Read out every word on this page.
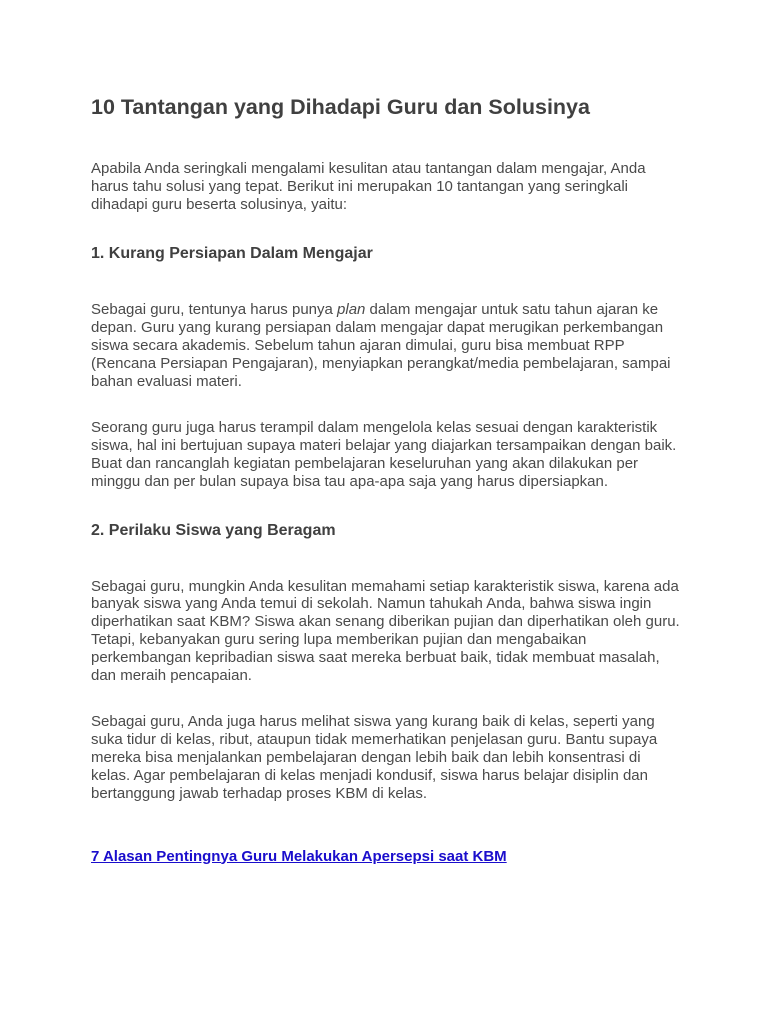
10 Tantangan yang Dihadapi Guru dan Solusinya

Apabila Anda seringkali mengalami kesulitan atau tantangan dalam mengajar, Anda harus tahu solusi yang tepat. Berikut ini merupakan 10 tantangan yang seringkali dihadapi guru beserta solusinya, yaitu:

1. Kurang Persiapan Dalam Mengajar

Sebagai guru, tentunya harus punya plan dalam mengajar untuk satu tahun ajaran ke depan. Guru yang kurang persiapan dalam mengajar dapat merugikan perkembangan siswa secara akademis. Sebelum tahun ajaran dimulai, guru bisa membuat RPP (Rencana Persiapan Pengajaran), menyiapkan perangkat/media pembelajaran, sampai bahan evaluasi materi.

Seorang guru juga harus terampil dalam mengelola kelas sesuai dengan karakteristik siswa, hal ini bertujuan supaya materi belajar yang diajarkan tersampaikan dengan baik. Buat dan rancanglah kegiatan pembelajaran keseluruhan yang akan dilakukan per minggu dan per bulan supaya bisa tau apa-apa saja yang harus dipersiapkan.

2. Perilaku Siswa yang Beragam

Sebagai guru, mungkin Anda kesulitan memahami setiap karakteristik siswa, karena ada banyak siswa yang Anda temui di sekolah. Namun tahukah Anda, bahwa siswa ingin diperhatikan saat KBM? Siswa akan senang diberikan pujian dan diperhatikan oleh guru. Tetapi, kebanyakan guru sering lupa memberikan pujian dan mengabaikan perkembangan kepribadian siswa saat mereka berbuat baik, tidak membuat masalah, dan meraih pencapaian.

Sebagai guru, Anda juga harus melihat siswa yang kurang baik di kelas, seperti yang suka tidur di kelas, ribut, ataupun tidak memerhatikan penjelasan guru. Bantu supaya mereka bisa menjalankan pembelajaran dengan lebih baik dan lebih konsentrasi di kelas. Agar pembelajaran di kelas menjadi kondusif, siswa harus belajar disiplin dan bertanggung jawab terhadap proses KBM di kelas.

7 Alasan Pentingnya Guru Melakukan Apersepsi saat KBM
